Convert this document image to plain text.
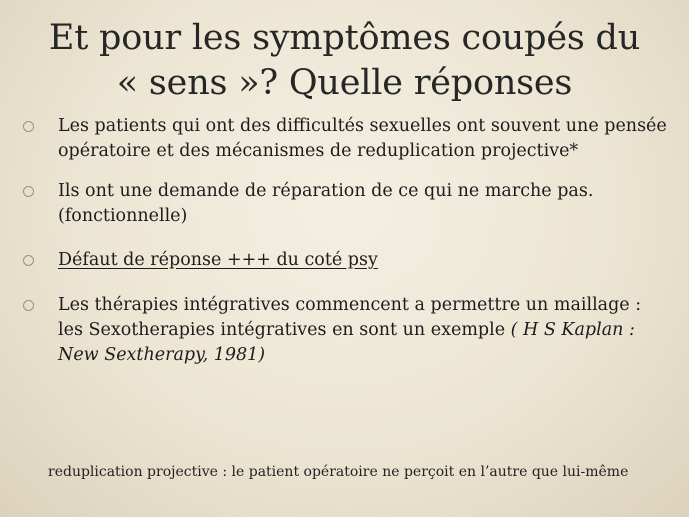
Et pour les symptômes coupés du
« sens »? Quelle réponses
Les patients qui ont des difficultés sexuelles ont souvent une pensée opératoire et des mécanismes de reduplication projective*
Ils ont une demande de réparation de ce qui ne marche pas.(fonctionnelle)
Défaut de réponse +++ du coté psy
Les thérapies intégratives commencent a permettre un maillage : les Sexotherapies intégratives en sont un exemple ( H S Kaplan : New Sextherapy, 1981)
reduplication projective : le patient opératoire ne perçoit en l’autre que lui-même
